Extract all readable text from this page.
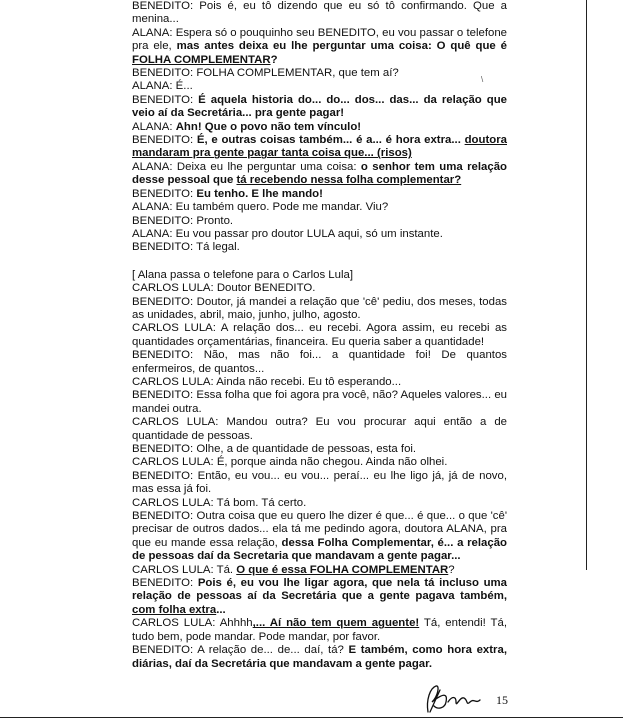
\

BENEDITO: Pois é, eu tô dizendo que eu só tô confirmando. Que a menina...

ALANA: Espera só o pouquinho seu BENEDITO, eu vou passar o telefone pra ele, mas antes deixa eu lhe perguntar uma coisa: O quê que é FOLHA COMPLEMENTAR?

BENEDITO: FOLHA COMPLEMENTAR, que tem aí?

ALANA: É...

BENEDITO: É aquela historia do... do... dos... das... da relação que veio aí da Secretária... pra gente pagar!

ALANA: Ahn! Que o povo não tem vínculo!

BENEDITO: É, e outras coisas também... é a... é hora extra... doutora mandaram pra gente pagar tanta coisa que... (risos)

ALANA: Deixa eu lhe perguntar uma coisa: o senhor tem uma relação desse pessoal que tá recebendo nessa folha complementar?

BENEDITO: Eu tenho. E lhe mando!

ALANA: Eu também quero. Pode me mandar. Viu?

BENEDITO: Pronto.

ALANA: Eu vou passar pro doutor LULA aqui, só um instante.

BENEDITO: Tá legal.

[ Alana passa o telefone para o Carlos Lula]

CARLOS LULA: Doutor BENEDITO.

BENEDITO: Doutor, já mandei a relação que 'cê' pediu, dos meses, todas as unidades, abril, maio, junho, julho, agosto.

CARLOS LULA: A relação dos... eu recebi. Agora assim, eu recebi as quantidades orçamentárias, financeira. Eu queria saber a quantidade!

BENEDITO: Não, mas não foi... a quantidade foi! De quantos enfermeiros, de quantos...

CARLOS LULA: Ainda não recebi. Eu tô esperando...

BENEDITO: Essa folha que foi agora pra você, não? Aqueles valores... eu mandei outra.

CARLOS LULA: Mandou outra? Eu vou procurar aqui então a de quantidade de pessoas.

BENEDITO: Olhe, a de quantidade de pessoas, esta foi.

CARLOS LULA: É, porque ainda não chegou. Ainda não olhei.

BENEDITO: Então, eu vou... eu vou... peraí... eu lhe ligo já, já de novo, mas essa já foi.

CARLOS LULA: Tá bom. Tá certo.

BENEDITO: Outra coisa que eu quero lhe dizer é que... é que... o que 'cê' precisar de outros dados... ela tá me pedindo agora, doutora ALANA, pra que eu mande essa relação, dessa Folha Complementar, é... a relação de pessoas daí da Secretaria que mandavam a gente pagar...

CARLOS LULA: Tá. O que é essa FOLHA COMPLEMENTAR?

BENEDITO: Pois é, eu vou lhe ligar agora, que nela tá incluso uma relação de pessoas aí da Secretária que a gente pagava também, com folha extra...

CARLOS LULA: Ahhhh,... Aí não tem quem aguente! Tá, entendi! Tá, tudo bem, pode mandar. Pode mandar, por favor.

BENEDITO: A relação de... de... daí, tá? E também, como hora extra, diárias, daí da Secretária que mandavam a gente pagar.

15
